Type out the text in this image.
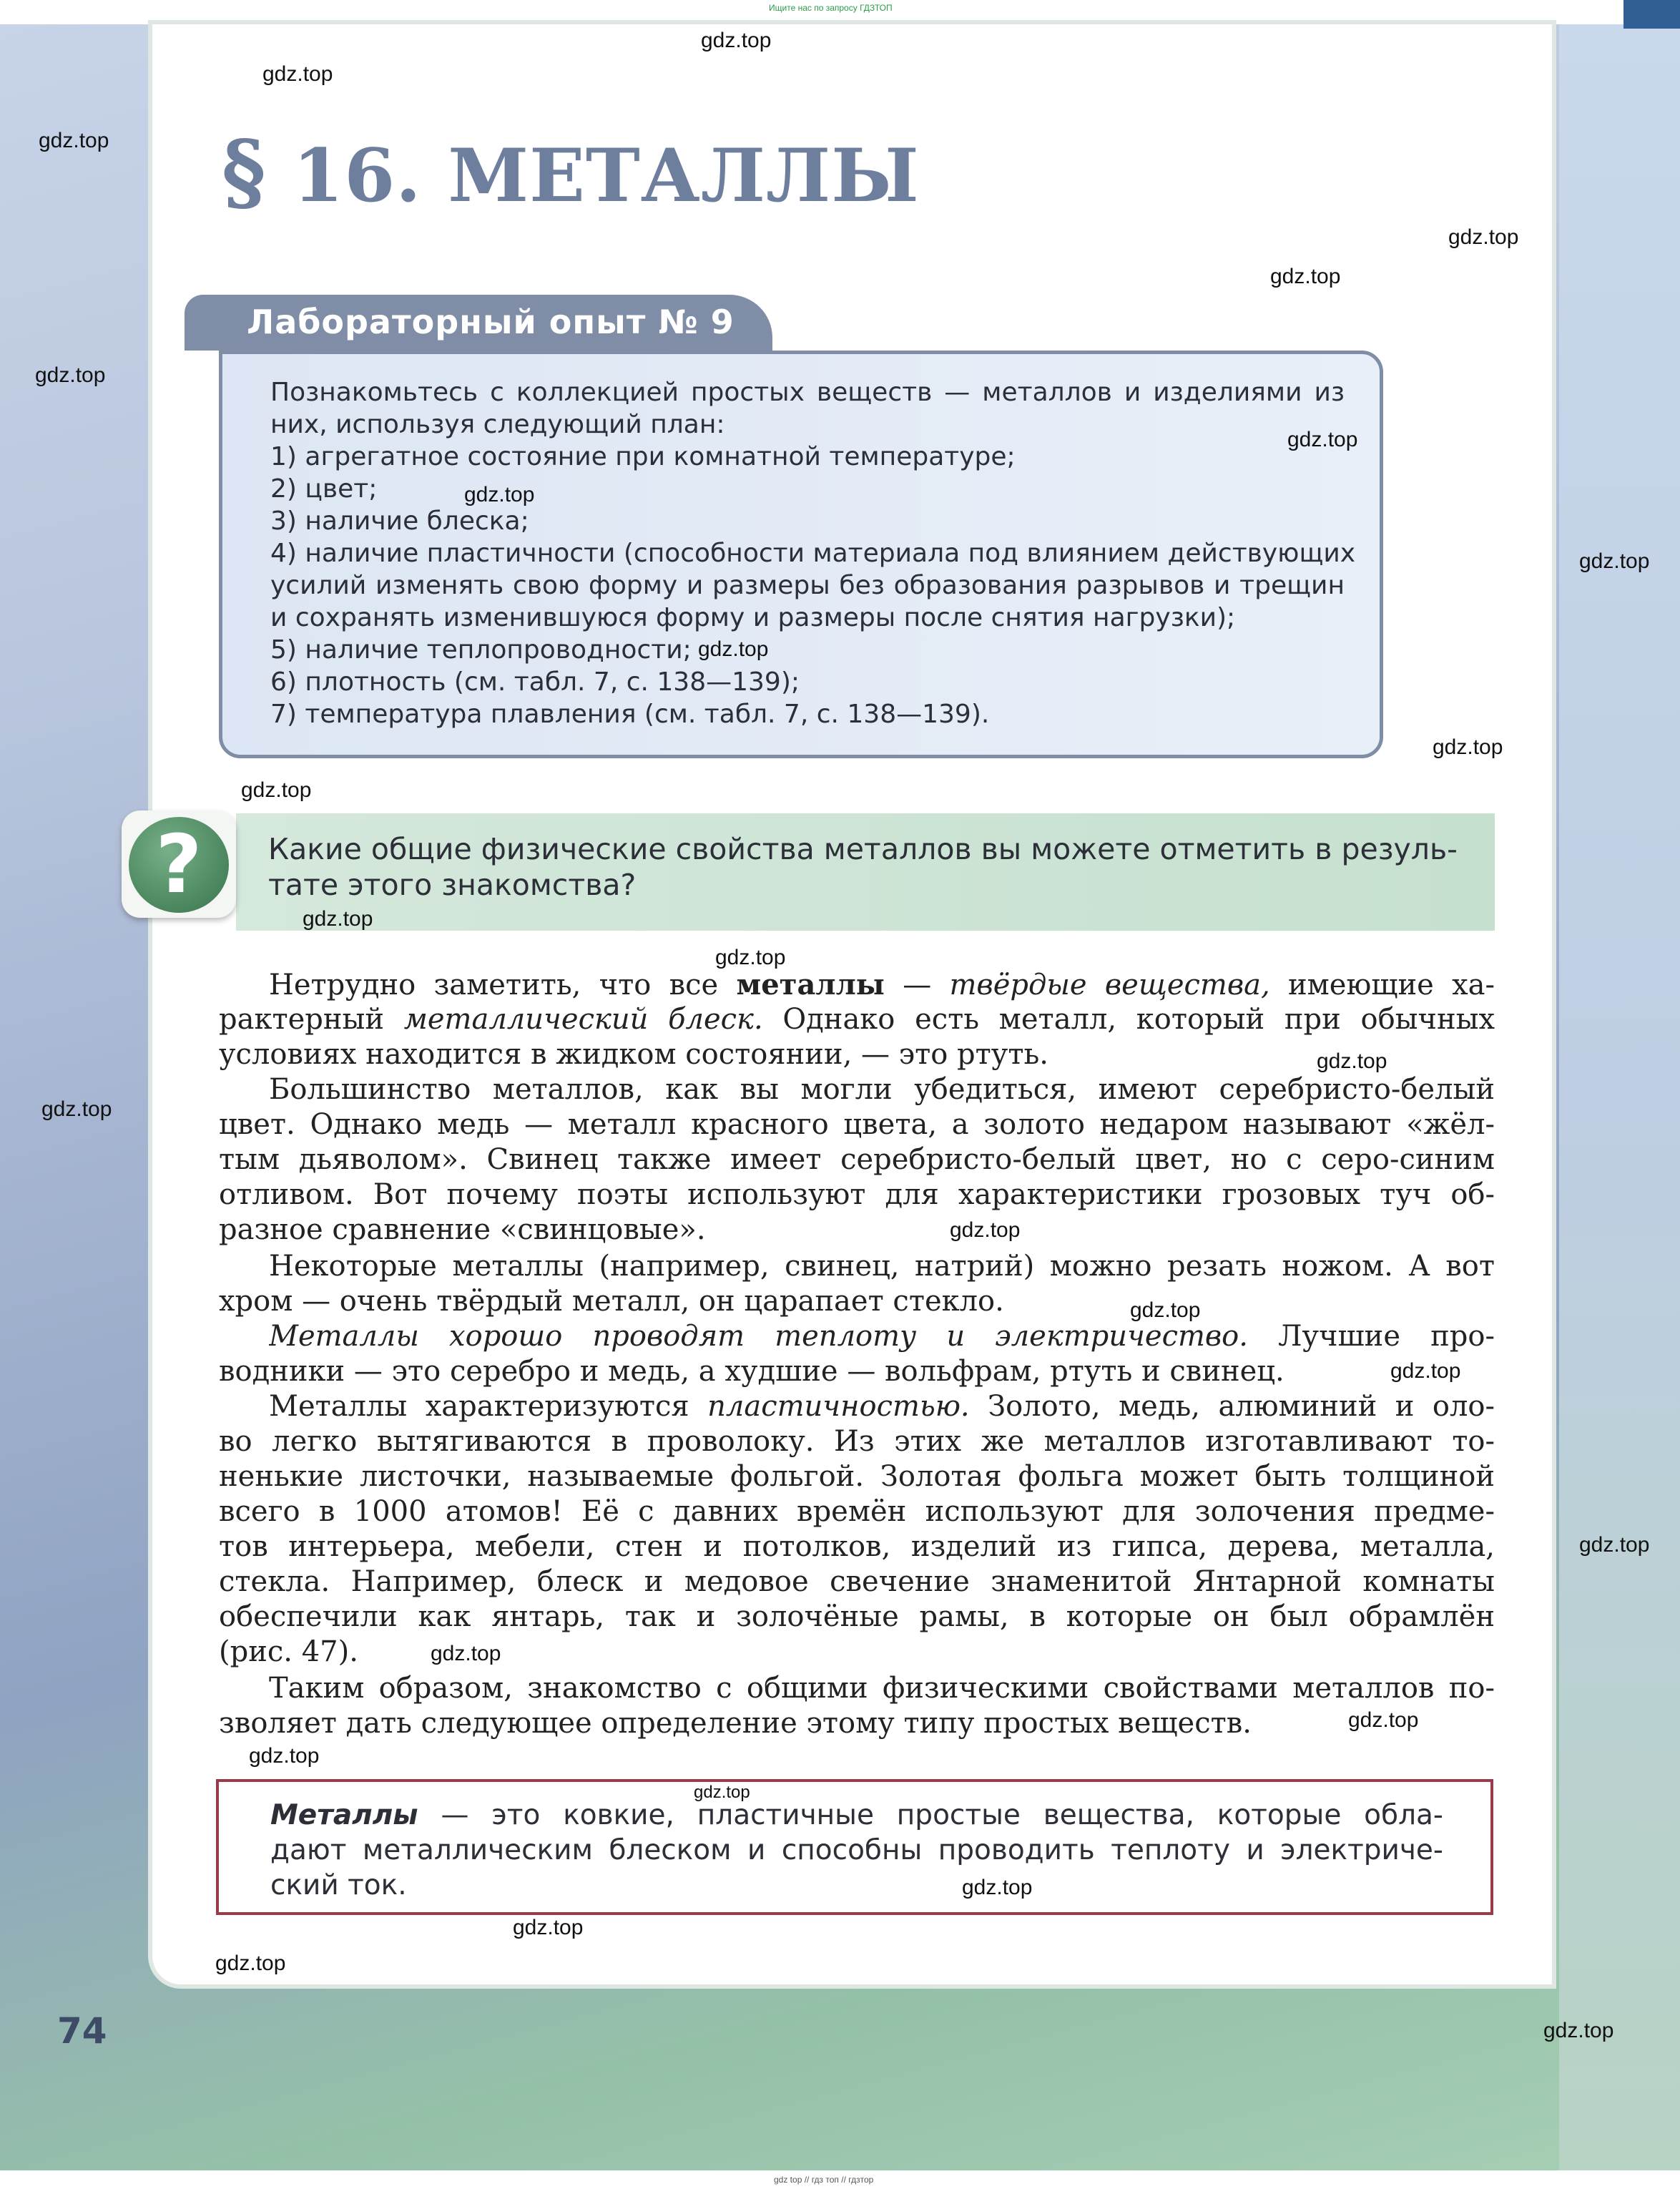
Ищите нас по запросу ГДЗТОП
§ 16. МЕТАЛЛЫ
Лабораторный опыт № 9
Познакомьтесь с коллекцией простых веществ — металлов и изделиями из
них, используя следующий план:
1) агрегатное состояние при комнатной температуре;
2) цвет;
3) наличие блеска;
4) наличие пластичности (способности материала под влиянием действующих
усилий изменять свою форму и размеры без образования разрывов и трещин
и сохранять изменившуюся форму и размеры после снятия нагрузки);
5) наличие теплопроводности;
6) плотность (см. табл. 7, с. 138—139);
7) температура плавления (см. табл. 7, с. 138—139).
?	Какие общие физические свойства металлов вы можете отметить в резуль-
тате этого знакомства?
Нетрудно заметить, что все металлы — твёрдые вещества, имеющие ха-
рактерный металлический блеск. Однако есть металл, который при обычных
условиях находится в жидком состоянии, — это ртуть.
Большинство металлов, как вы могли убедиться, имеют серебристо-белый
цвет. Однако медь — металл красного цвета, а золото недаром называют «жёл-
тым дьяволом». Свинец также имеет серебристо-белый цвет, но с серо-синим
отливом. Вот почему поэты используют для характеристики грозовых туч об-
разное сравнение «свинцовые».
Некоторые металлы (например, свинец, натрий) можно резать ножом. А вот
хром — очень твёрдый металл, он царапает стекло.
Металлы хорошо проводят теплоту и электричество. Лучшие про-
водники — это серебро и медь, а худшие — вольфрам, ртуть и свинец.
Металлы характеризуются пластичностью. Золото, медь, алюминий и оло-
во легко вытягиваются в проволоку. Из этих же металлов изготавливают то-
ненькие листочки, называемые фольгой. Золотая фольга может быть толщиной
всего в 1000 атомов! Её с давних времён используют для золочения предме-
тов интерьера, мебели, стен и потолков, изделий из гипса, дерева, металла,
стекла. Например, блеск и медовое свечение знаменитой Янтарной комнаты
обеспечили как янтарь, так и золочёные рамы, в которые он был обрамлён
(рис. 47).
Таким образом, знакомство с общими физическими свойствами металлов по-
зволяет дать следующее определение этому типу простых веществ.
Металлы — это ковкие, пластичные простые вещества, которые обла-
дают металлическим блеском и способны проводить теплоту и электриче-
ский ток.
74
gdz top // гдз топ // гдзтор
gdz.top
gdz.top
gdz.top
gdz.top
gdz.top
gdz.top
gdz.top
gdz.top
gdz.top
gdz.top
gdz.top
gdz.top
gdz.top
gdz.top
gdz.top
gdz.top
gdz.top
gdz.top
gdz.top
gdz.top
gdz.top
gdz.top
gdz.top
gdz.top
gdz.top
gdz.top
gdz.top
gdz.top
